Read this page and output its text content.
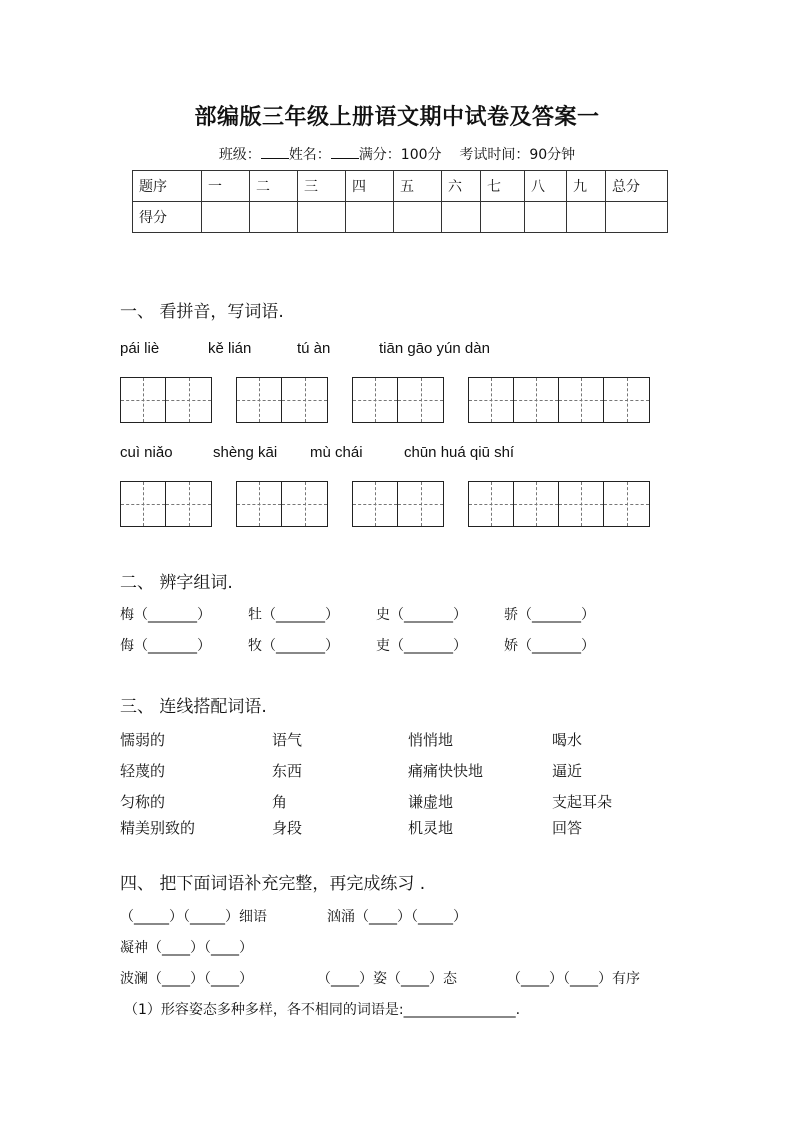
部编版三年级上册语文期中试卷及答案一
班级： 姓名： 满分：100分 考试时间：90分钟
题序	一	二	三	四	五	六	七	八	九	总分
得分										
一、 看拼音，写词语.
pái liè	kě lián	tú àn	tiān gāo yún dàn
cuì niǎo	shèng kāi mù chái	chūn huá qiū shí
二、 辨字组词.
梅（_______）	牡（_______）	史（_______）	骄（_______）
侮（_______）	牧（_______）	吏（_______）	娇（_______）
三、 连线搭配词语.
懦弱的
轻蔑的
匀称的
精美别致的
语气
东西
角
身段
悄悄地
痛痛快快地
谦虚地
机灵地
喝水
逼近
支起耳朵
回答
四、 把下面词语补充完整，再完成练习 .
（_____）（_____）细语	汹涌（____）（_____）
凝神（____）（____）
波澜（____）（____）	（____）姿（____）态	（____）（____）有序
（1）形容姿态多种多样，各不相同的词语是:________________.
